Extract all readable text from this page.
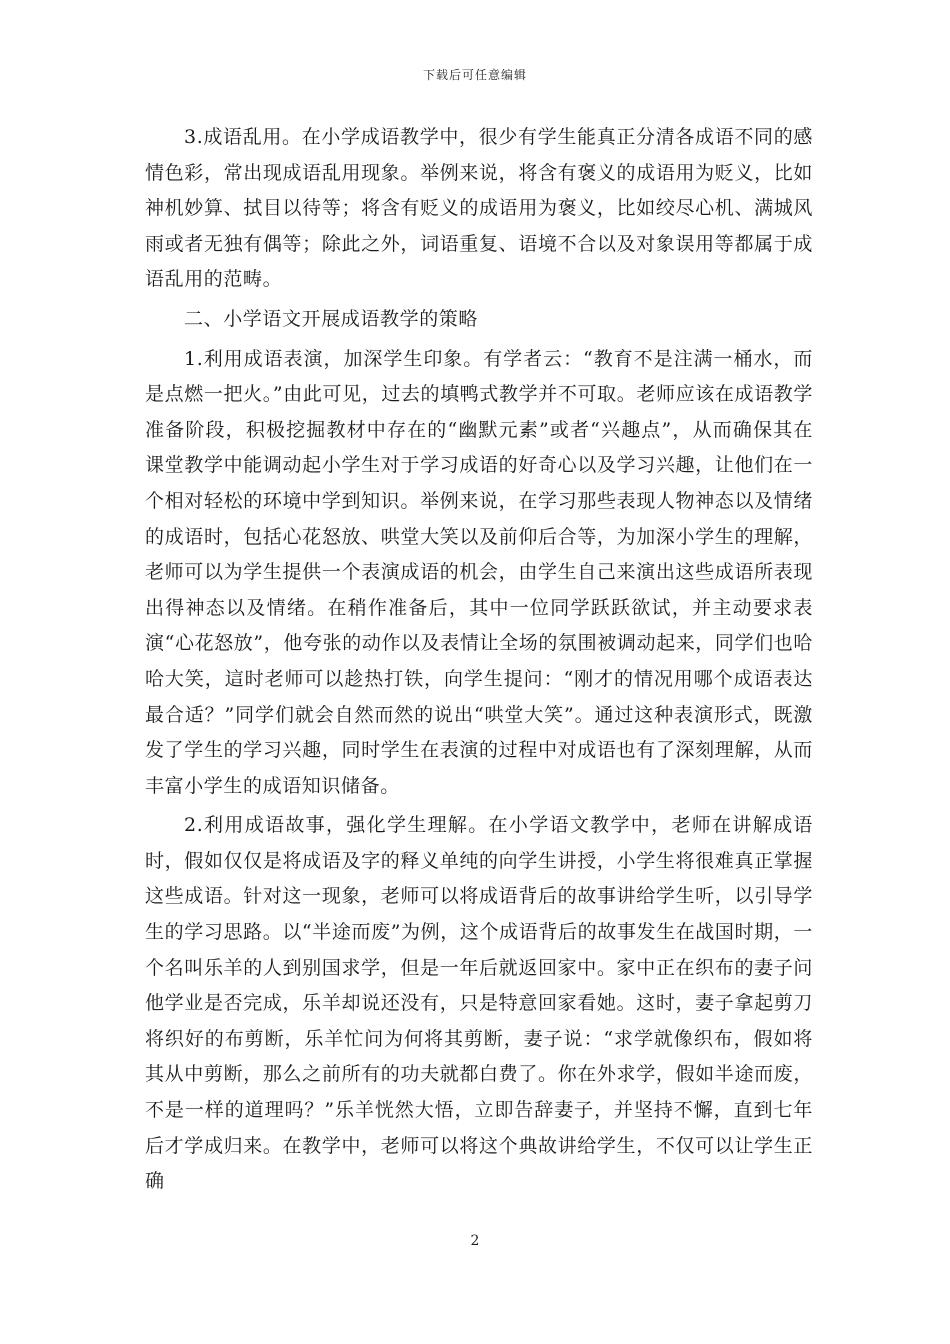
下载后可任意编辑

3.成语乱用。在小学成语教学中，很少有学生能真正分清各成语不同的感情色彩，常出现成语乱用现象。举例来说，将含有褒义的成语用为贬义，比如神机妙算、拭目以待等；将含有贬义的成语用为褒义，比如绞尽心机、满城风雨或者无独有偶等；除此之外，词语重复、语境不合以及对象误用等都属于成语乱用的范畴。

二、小学语文开展成语教学的策略

1.利用成语表演，加深学生印象。有学者云：“教育不是注满一桶水，而是点燃一把火。”由此可见，过去的填鸭式教学并不可取。老师应该在成语教学准备阶段，积极挖掘教材中存在的“幽默元素”或者“兴趣点”，从而确保其在课堂教学中能调动起小学生对于学习成语的好奇心以及学习兴趣，让他们在一个相对轻松的环境中学到知识。举例来说，在学习那些表现人物神态以及情绪的成语时，包括心花怒放、哄堂大笑以及前仰后合等，为加深小学生的理解，老师可以为学生提供一个表演成语的机会，由学生自己来演出这些成语所表现出得神态以及情绪。在稍作准备后，其中一位同学跃跃欲试，并主动要求表演“心花怒放”，他夸张的动作以及表情让全场的氛围被调动起来，同学们也哈哈大笑，這时老师可以趁热打铁，向学生提问：“刚才的情况用哪个成语表达最合适？”同学们就会自然而然的说出“哄堂大笑”。通过这种表演形式，既激发了学生的学习兴趣，同时学生在表演的过程中对成语也有了深刻理解，从而丰富小学生的成语知识储备。

2.利用成语故事，强化学生理解。在小学语文教学中，老师在讲解成语时，假如仅仅是将成语及字的释义单纯的向学生讲授，小学生将很难真正掌握这些成语。针对这一现象，老师可以将成语背后的故事讲给学生听，以引导学生的学习思路。以“半途而废”为例，这个成语背后的故事发生在战国时期，一个名叫乐羊的人到别国求学，但是一年后就返回家中。家中正在织布的妻子问他学业是否完成，乐羊却说还没有，只是特意回家看她。这时，妻子拿起剪刀将织好的布剪断，乐羊忙问为何将其剪断，妻子说：“求学就像织布，假如将其从中剪断，那么之前所有的功夫就都白费了。你在外求学，假如半途而废，不是一样的道理吗？”乐羊恍然大悟，立即告辞妻子，并坚持不懈，直到七年后才学成归来。在教学中，老师可以将这个典故讲给学生，不仅可以让学生正确

2
